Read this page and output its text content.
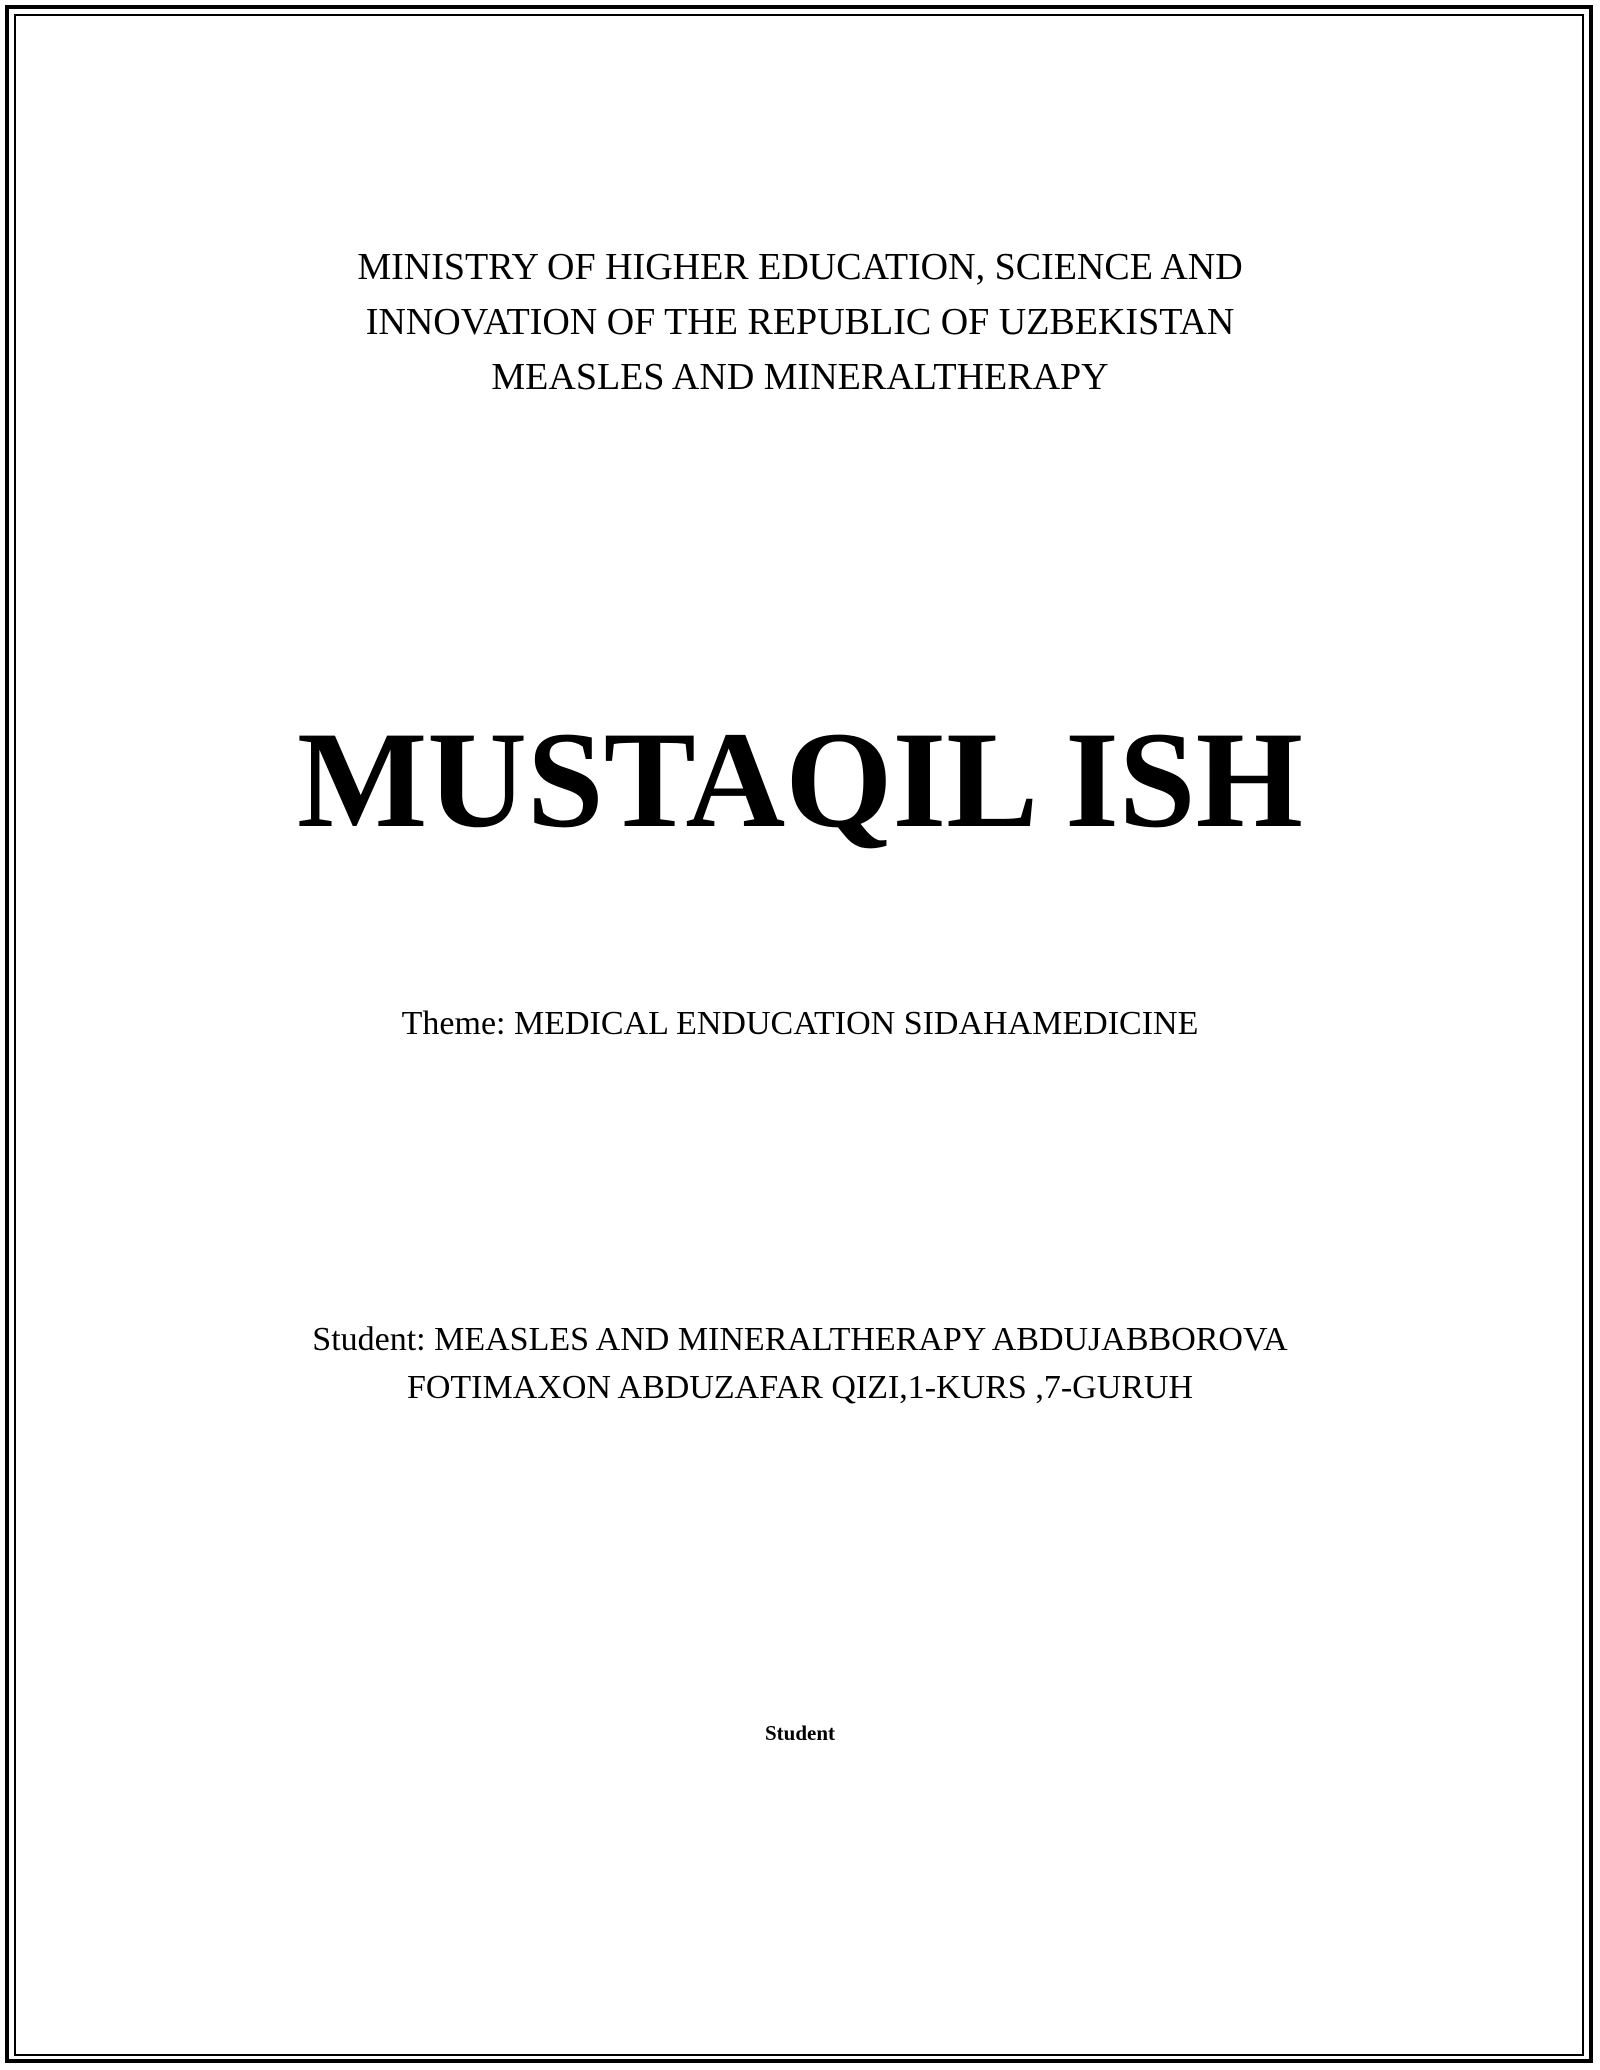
MINISTRY OF HIGHER EDUCATION, SCIENCE AND
INNOVATION OF THE REPUBLIC OF UZBEKISTAN
MEASLES AND MINERALTHERAPY
MUSTAQIL ISH
Theme: MEDICAL ENDUCATION SIDAHAMEDICINE
Student: MEASLES AND MINERALTHERAPY ABDUJABBOROVA
FOTIMAXON ABDUZAFAR QIZI,1-KURS ,7-GURUH
Student
